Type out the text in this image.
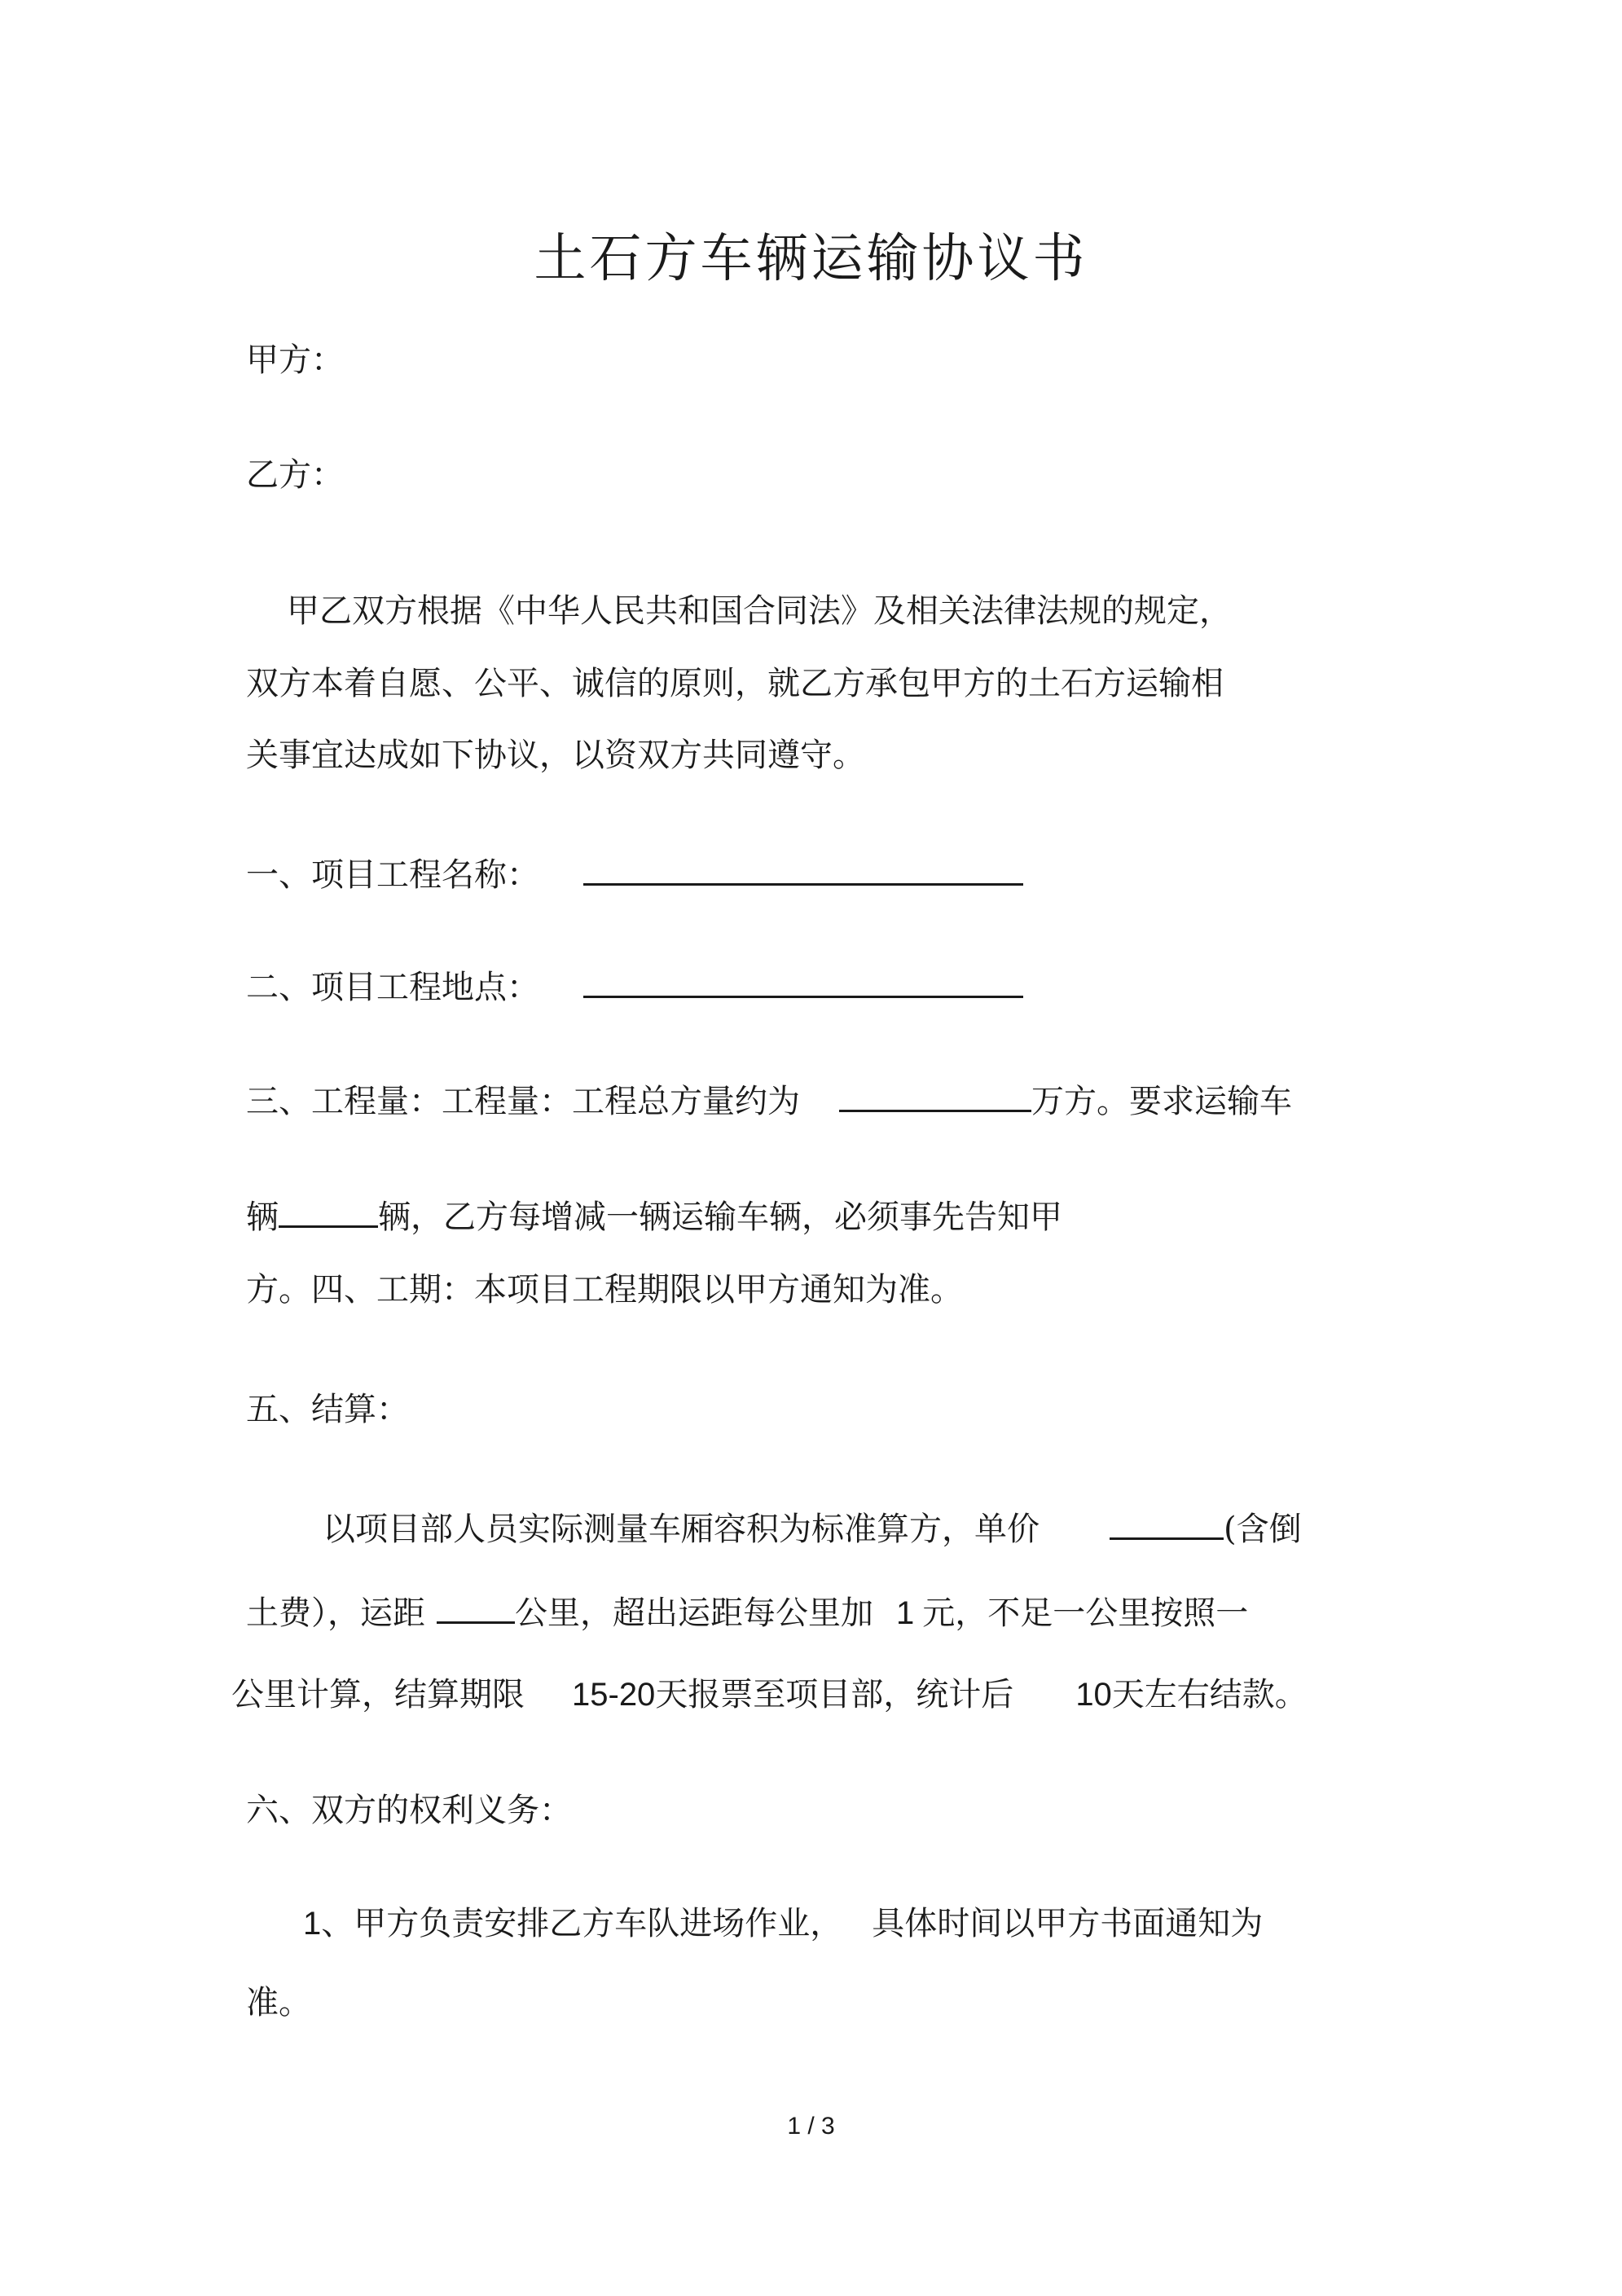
土石方车辆运输协议书
甲方：
乙方：
甲乙双方根据《中华人民共和国合同法》及相关法律法规的规定，
双方本着自愿、公平、诚信的原则，就乙方承包甲方的土石方运输相
关事宜达成如下协议，以资双方共同遵守。
一、项目工程名称：
二、项目工程地点：
三、工程量：工程量：工程总方量约为	万方。要求运输车
辆	辆，乙方每增减一辆运输车辆，必须事先告知甲
方。四、工期：本项目工程期限以甲方通知为准。
五、结算：
以项目部人员实际测量车厢容积为标准算方，单价	(含倒
土费），运距	公里，超出运距每公里加 1 元，不足一公里按照一
公里计算，结算期限 15-20天报票至项目部，统计后 10天左右结款。
六、双方的权利义务：
1、甲方负责安排乙方车队进场作业， 具体时间以甲方书面通知为
准。
1 / 3
